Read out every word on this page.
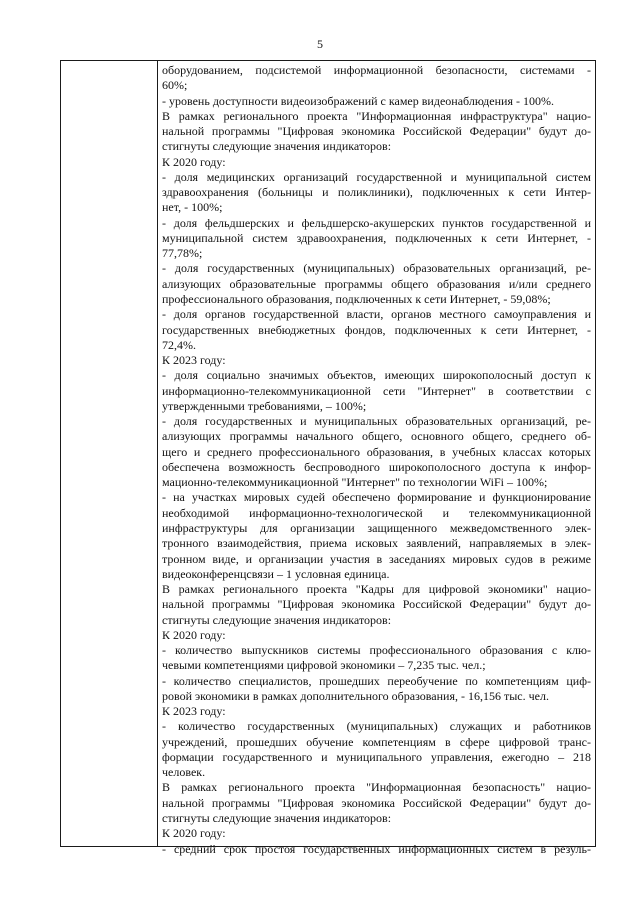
5
оборудованием, подсистемой информационной безопасности, системами -
60%;
- уровень доступности видеоизображений с камер видеонаблюдения - 100%.
В рамках регионального проекта "Информационная инфраструктура" нацио-
нальной программы "Цифровая экономика Российской Федерации" будут до-
стигнуты следующие значения индикаторов:
К 2020 году:
- доля медицинских организаций государственной и муниципальной систем
здравоохранения (больницы и поликлиники), подключенных к сети Интер-
нет, - 100%;
- доля фельдшерских и фельдшерско-акушерских пунктов государственной и
муниципальной систем здравоохранения, подключенных к сети Интернет, -
77,78%;
- доля государственных (муниципальных) образовательных организаций, ре-
ализующих образовательные программы общего образования и/или среднего
профессионального образования, подключенных к сети Интернет, - 59,08%;
- доля органов государственной власти, органов местного самоуправления и
государственных внебюджетных фондов, подключенных к сети Интернет, -
72,4%.
К 2023 году:
- доля социально значимых объектов, имеющих широкополосный доступ к
информационно-телекоммуникационной сети "Интернет" в соответствии с
утвержденными требованиями, – 100%;
- доля государственных и муниципальных образовательных организаций, ре-
ализующих программы начального общего, основного общего, среднего об-
щего и среднего профессионального образования, в учебных классах которых
обеспечена возможность беспроводного широкополосного доступа к инфор-
мационно-телекоммуникационной "Интернет" по технологии WiFi – 100%;
- на участках мировых судей обеспечено формирование и функционирование
необходимой информационно-технологической и телекоммуникационной
инфраструктуры для организации защищенного межведомственного элек-
тронного взаимодействия, приема исковых заявлений, направляемых в элек-
тронном виде, и организации участия в заседаниях мировых судов в режиме
видеоконференцсвязи – 1 условная единица.
В рамках регионального проекта "Кадры для цифровой экономики" нацио-
нальной программы "Цифровая экономика Российской Федерации" будут до-
стигнуты следующие значения индикаторов:
К 2020 году:
- количество выпускников системы профессионального образования с клю-
чевыми компетенциями цифровой экономики – 7,235 тыс. чел.;
- количество специалистов, прошедших переобучение по компетенциям циф-
ровой экономики в рамках дополнительного образования, - 16,156 тыс. чел.
К 2023 году:
- количество государственных (муниципальных) служащих и работников
учреждений, прошедших обучение компетенциям в сфере цифровой транс-
формации государственного и муниципального управления, ежегодно – 218
человек.
В рамках регионального проекта "Информационная безопасность" нацио-
нальной программы "Цифровая экономика Российской Федерации" будут до-
стигнуты следующие значения индикаторов:
К 2020 году:
- средний срок простоя государственных информационных систем в резуль-
